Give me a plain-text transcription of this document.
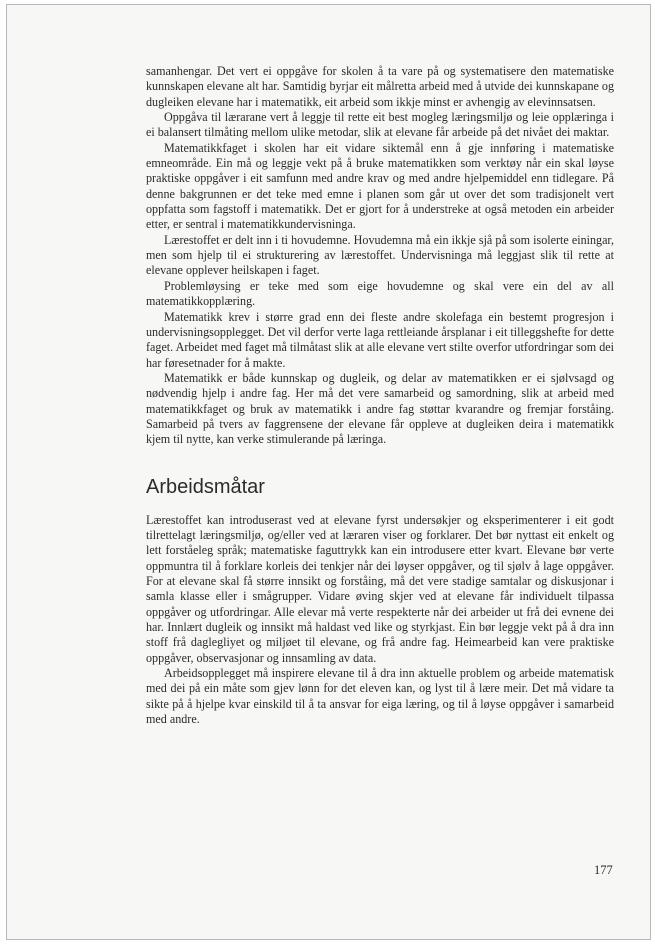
samanhengar. Det vert ei oppgåve for skolen å ta vare på og systematisere den matematiske kunnskapen elevane alt har. Samtidig byrjar eit målretta arbeid med å utvide dei kunnskapane og dugleiken elevane har i matematikk, eit arbeid som ikkje minst er avhengig av elevinnsatsen.

Oppgåva til lærarane vert å leggje til rette eit best mogleg læringsmiljø og leie opplæringa i ei balansert tilmåting mellom ulike metodar, slik at elevane får arbeide på det nivået dei maktar.

Matematikkfaget i skolen har eit vidare siktemål enn å gje innføring i matematiske emneområde. Ein må og leggje vekt på å bruke matematikken som verktøy når ein skal løyse praktiske oppgåver i eit samfunn med andre krav og med andre hjelpemiddel enn tidlegare. På denne bakgrunnen er det teke med emne i planen som går ut over det som tradisjonelt vert oppfatta som fagstoff i matematikk. Det er gjort for å understreke at også metoden ein arbeider etter, er sentral i matematikkundervisninga.

Lærestoffet er delt inn i ti hovudemne. Hovudemna må ein ikkje sjå på som isolerte einingar, men som hjelp til ei strukturering av lærestoffet. Undervisninga må leggjast slik til rette at elevane opplever heilskapen i faget.

Problemløysing er teke med som eige hovudemne og skal vere ein del av all matematikkopplæring.

Matematikk krev i større grad enn dei fleste andre skolefaga ein bestemt progresjon i undervisningsopplegget. Det vil derfor verte laga rettleiande årsplanar i eit tilleggshefte for dette faget. Arbeidet med faget må tilmåtast slik at alle elevane vert stilte overfor utfordringar som dei har føresetnader for å makte.

Matematikk er både kunnskap og dugleik, og delar av matematikken er ei sjølvsagd og nødvendig hjelp i andre fag. Her må det vere samarbeid og samordning, slik at arbeid med matematikkfaget og bruk av matematikk i andre fag støttar kvarandre og fremjar forståing. Samarbeid på tvers av faggrensene der elevane får oppleve at dugleiken deira i matematikk kjem til nytte, kan verke stimulerande på læringa.

Arbeidsmåtar

Lærestoffet kan introduserast ved at elevane fyrst undersøkjer og eksperimenterer i eit godt tilrettelagt læringsmiljø, og/eller ved at læraren viser og forklarer. Det bør nyttast eit enkelt og lett forståeleg språk; matematiske faguttrykk kan ein introdusere etter kvart. Elevane bør verte oppmuntra til å forklare korleis dei tenkjer når dei løyser oppgåver, og til sjølv å lage oppgåver. For at elevane skal få større innsikt og forståing, må det vere stadige samtalar og diskusjonar i samla klasse eller i smågrupper. Vidare øving skjer ved at elevane får individuelt tilpassa oppgåver og utfordringar. Alle elevar må verte respekterte når dei arbeider ut frå dei evnene dei har. Innlært dugleik og innsikt må haldast ved like og styrkjast. Ein bør leggje vekt på å dra inn stoff frå daglegliyet og miljøet til elevane, og frå andre fag. Heimearbeid kan vere praktiske oppgåver, observasjonar og innsamling av data.

Arbeidsopplegget må inspirere elevane til å dra inn aktuelle problem og arbeide matematisk med dei på ein måte som gjev lønn for det eleven kan, og lyst til å lære meir. Det må vidare ta sikte på å hjelpe kvar einskild til å ta ansvar for eiga læring, og til å løyse oppgåver i samarbeid med andre.

177
